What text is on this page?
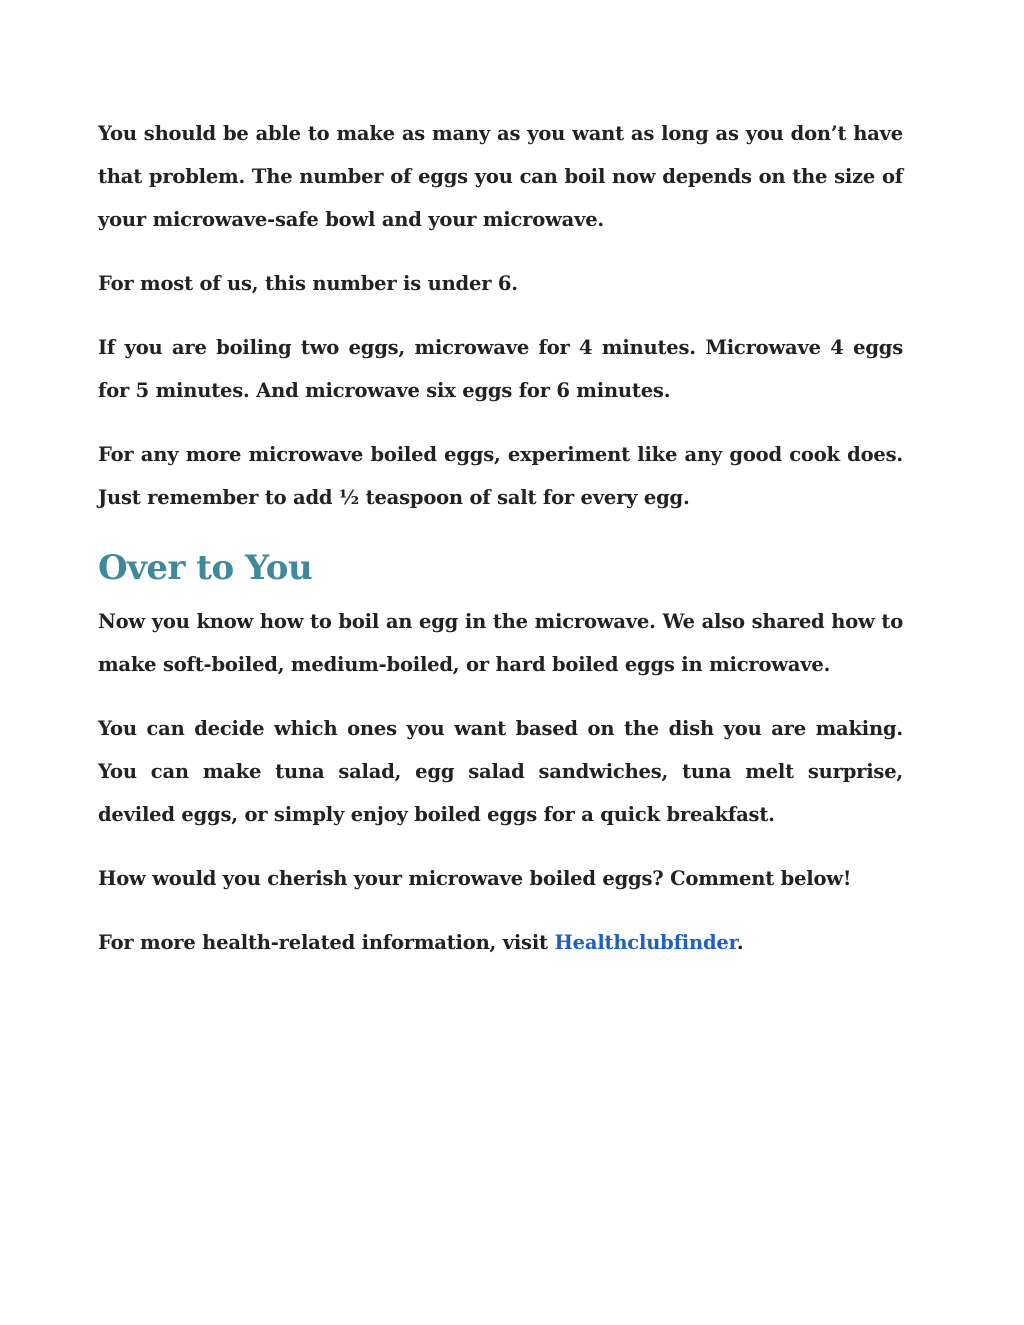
You should be able to make as many as you want as long as you don’t have that problem. The number of eggs you can boil now depends on the size of your microwave-safe bowl and your microwave.

For most of us, this number is under 6.

If you are boiling two eggs, microwave for 4 minutes. Microwave 4 eggs for 5 minutes. And microwave six eggs for 6 minutes.

For any more microwave boiled eggs, experiment like any good cook does. Just remember to add ½ teaspoon of salt for every egg.

Over to You

Now you know how to boil an egg in the microwave. We also shared how to make soft-boiled, medium-boiled, or hard boiled eggs in microwave.

You can decide which ones you want based on the dish you are making. You can make tuna salad, egg salad sandwiches, tuna melt surprise, deviled eggs, or simply enjoy boiled eggs for a quick breakfast.

How would you cherish your microwave boiled eggs? Comment below!

For more health-related information, visit Healthclubfinder.
